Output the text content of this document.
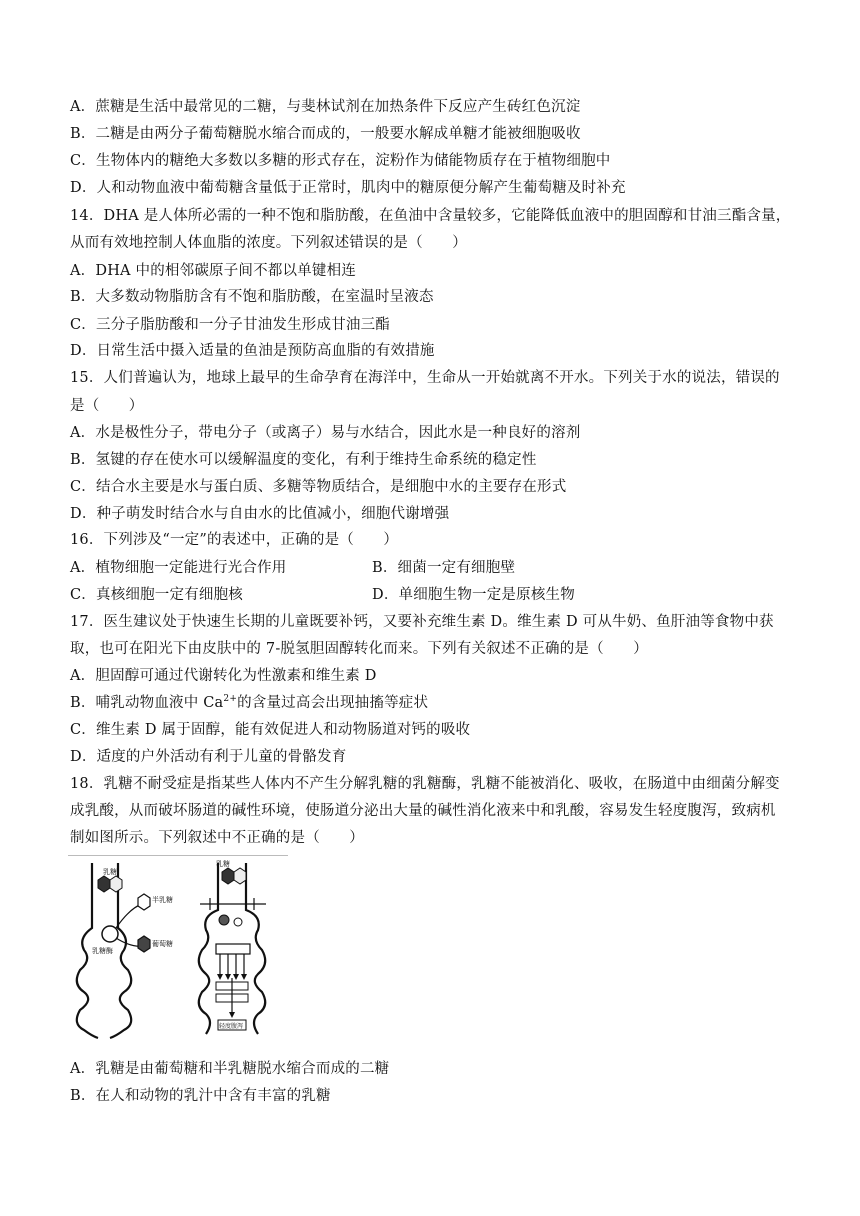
A．蔗糖是生活中最常见的二糖，与斐林试剂在加热条件下反应产生砖红色沉淀
B．二糖是由两分子葡萄糖脱水缩合而成的，一般要水解成单糖才能被细胞吸收
C．生物体内的糖绝大多数以多糖的形式存在，淀粉作为储能物质存在于植物细胞中
D．人和动物血液中葡萄糖含量低于正常时，肌肉中的糖原便分解产生葡萄糖及时补充
14．DHA 是人体所必需的一种不饱和脂肪酸，在鱼油中含量较多，它能降低血液中的胆固醇和甘油三酯含量，
从而有效地控制人体血脂的浓度。下列叙述错误的是（　　）
A．DHA 中的相邻碳原子间不都以单键相连
B．大多数动物脂肪含有不饱和脂肪酸，在室温时呈液态
C．三分子脂肪酸和一分子甘油发生形成甘油三酯
D．日常生活中摄入适量的鱼油是预防高血脂的有效措施
15．人们普遍认为，地球上最早的生命孕育在海洋中，生命从一开始就离不开水。下列关于水的说法，错误的
是（　　）
A．水是极性分子，带电分子（或离子）易与水结合，因此水是一种良好的溶剂
B．氢键的存在使水可以缓解温度的变化，有利于维持生命系统的稳定性
C．结合水主要是水与蛋白质、多糖等物质结合，是细胞中水的主要存在形式
D．种子萌发时结合水与自由水的比值减小，细胞代谢增强
16．下列涉及“一定”的表述中，正确的是（　　）
A．植物细胞一定能进行光合作用	B．细菌一定有细胞壁
C．真核细胞一定有细胞核	D．单细胞生物一定是原核生物
17．医生建议处于快速生长期的儿童既要补钙，又要补充维生素 D。维生素 D 可从牛奶、鱼肝油等食物中获
取，也可在阳光下由皮肤中的 7-脱氢胆固醇转化而来。下列有关叙述不正确的是（　　）
A．胆固醇可通过代谢转化为性激素和维生素 D
B．哺乳动物血液中 $Ca^{2+}$的含量过高会出现抽搐等症状
C．维生素 D 属于固醇，能有效促进人和动物肠道对钙的吸收
D．适度的户外活动有利于儿童的骨骼发育
18．乳糖不耐受症是指某些人体内不产生分解乳糖的乳糖酶，乳糖不能被消化、吸收，在肠道中由细菌分解变
成乳酸，从而破坏肠道的碱性环境，使肠道分泌出大量的碱性消化液来中和乳酸，容易发生轻度腹泻，致病机
制如图所示。下列叙述中不正确的是（　　）
乳糖
半乳糖
葡萄糖
乳糖酶
乳糖
轻度腹泻
A．乳糖是由葡萄糖和半乳糖脱水缩合而成的二糖
B．在人和动物的乳汁中含有丰富的乳糖
